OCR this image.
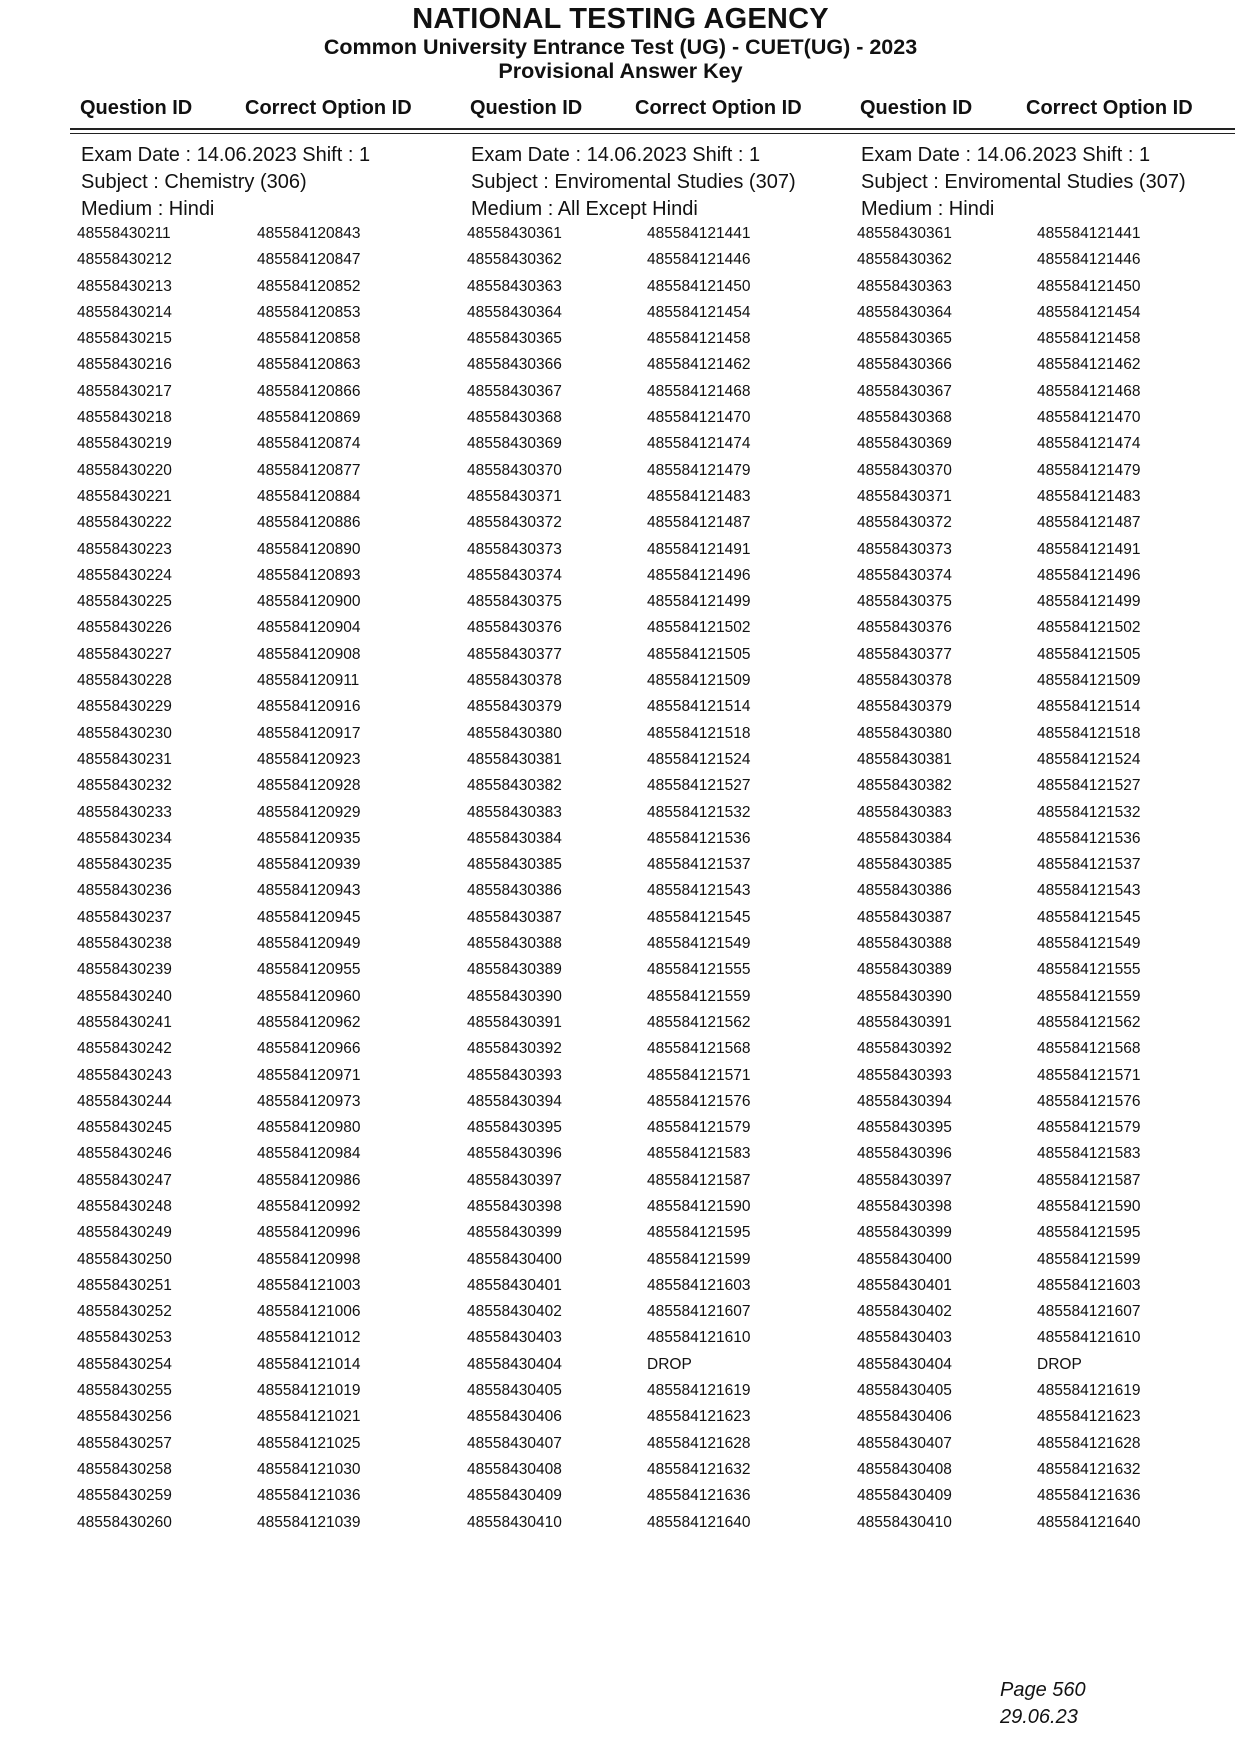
NATIONAL TESTING AGENCY
Common University Entrance Test (UG) - CUET(UG) - 2023
Provisional Answer Key
Question ID	Correct Option ID	Question ID	Correct Option ID	Question ID	Correct Option ID
Exam Date : 14.06.2023 Shift : 1
Subject : Chemistry (306)
Medium : Hindi
48558430211	485584120843
48558430212	485584120847
48558430213	485584120852
48558430214	485584120853
48558430215	485584120858
48558430216	485584120863
48558430217	485584120866
48558430218	485584120869
48558430219	485584120874
48558430220	485584120877
48558430221	485584120884
48558430222	485584120886
48558430223	485584120890
48558430224	485584120893
48558430225	485584120900
48558430226	485584120904
48558430227	485584120908
48558430228	485584120911
48558430229	485584120916
48558430230	485584120917
48558430231	485584120923
48558430232	485584120928
48558430233	485584120929
48558430234	485584120935
48558430235	485584120939
48558430236	485584120943
48558430237	485584120945
48558430238	485584120949
48558430239	485584120955
48558430240	485584120960
48558430241	485584120962
48558430242	485584120966
48558430243	485584120971
48558430244	485584120973
48558430245	485584120980
48558430246	485584120984
48558430247	485584120986
48558430248	485584120992
48558430249	485584120996
48558430250	485584120998
48558430251	485584121003
48558430252	485584121006
48558430253	485584121012
48558430254	485584121014
48558430255	485584121019
48558430256	485584121021
48558430257	485584121025
48558430258	485584121030
48558430259	485584121036
48558430260	485584121039
Exam Date : 14.06.2023 Shift : 1
Subject : Enviromental Studies (307)
Medium : All Except Hindi
48558430361	485584121441
48558430362	485584121446
48558430363	485584121450
48558430364	485584121454
48558430365	485584121458
48558430366	485584121462
48558430367	485584121468
48558430368	485584121470
48558430369	485584121474
48558430370	485584121479
48558430371	485584121483
48558430372	485584121487
48558430373	485584121491
48558430374	485584121496
48558430375	485584121499
48558430376	485584121502
48558430377	485584121505
48558430378	485584121509
48558430379	485584121514
48558430380	485584121518
48558430381	485584121524
48558430382	485584121527
48558430383	485584121532
48558430384	485584121536
48558430385	485584121537
48558430386	485584121543
48558430387	485584121545
48558430388	485584121549
48558430389	485584121555
48558430390	485584121559
48558430391	485584121562
48558430392	485584121568
48558430393	485584121571
48558430394	485584121576
48558430395	485584121579
48558430396	485584121583
48558430397	485584121587
48558430398	485584121590
48558430399	485584121595
48558430400	485584121599
48558430401	485584121603
48558430402	485584121607
48558430403	485584121610
48558430404	DROP
48558430405	485584121619
48558430406	485584121623
48558430407	485584121628
48558430408	485584121632
48558430409	485584121636
48558430410	485584121640
Exam Date : 14.06.2023 Shift : 1
Subject : Enviromental Studies (307)
Medium : Hindi
48558430361	485584121441
48558430362	485584121446
48558430363	485584121450
48558430364	485584121454
48558430365	485584121458
48558430366	485584121462
48558430367	485584121468
48558430368	485584121470
48558430369	485584121474
48558430370	485584121479
48558430371	485584121483
48558430372	485584121487
48558430373	485584121491
48558430374	485584121496
48558430375	485584121499
48558430376	485584121502
48558430377	485584121505
48558430378	485584121509
48558430379	485584121514
48558430380	485584121518
48558430381	485584121524
48558430382	485584121527
48558430383	485584121532
48558430384	485584121536
48558430385	485584121537
48558430386	485584121543
48558430387	485584121545
48558430388	485584121549
48558430389	485584121555
48558430390	485584121559
48558430391	485584121562
48558430392	485584121568
48558430393	485584121571
48558430394	485584121576
48558430395	485584121579
48558430396	485584121583
48558430397	485584121587
48558430398	485584121590
48558430399	485584121595
48558430400	485584121599
48558430401	485584121603
48558430402	485584121607
48558430403	485584121610
48558430404	DROP
48558430405	485584121619
48558430406	485584121623
48558430407	485584121628
48558430408	485584121632
48558430409	485584121636
48558430410	485584121640
Page 560
29.06.23
